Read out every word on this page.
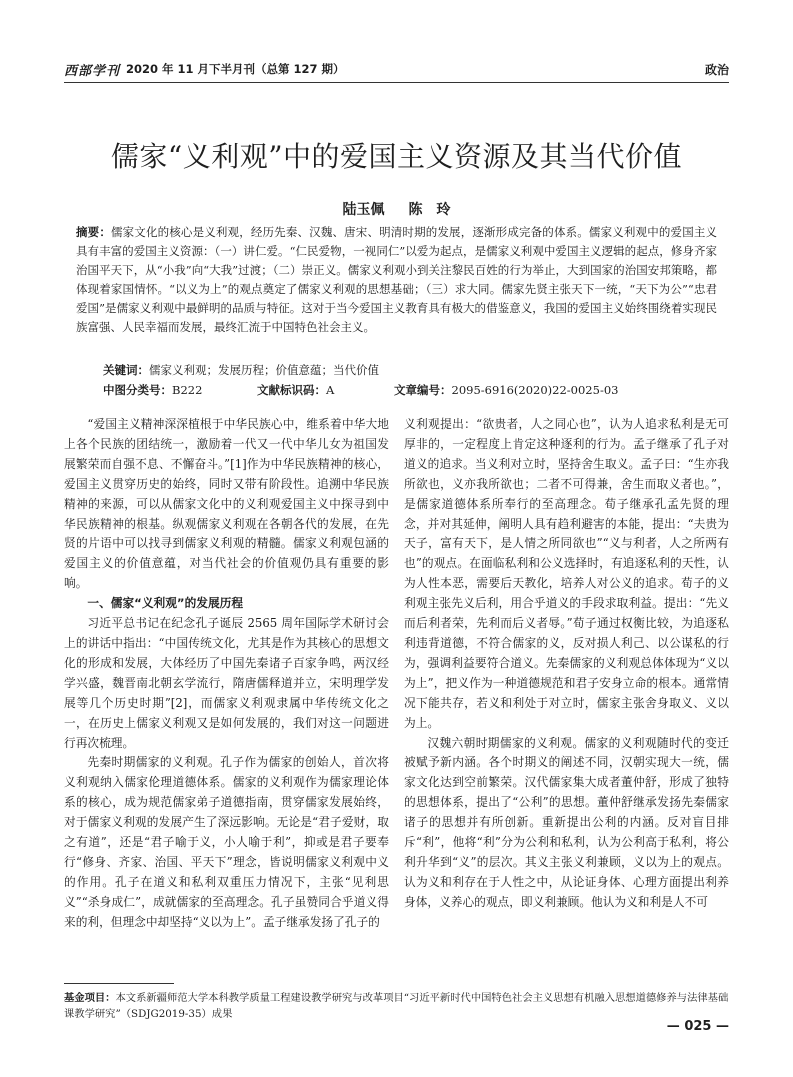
西部学刊 2020 年 11 月下半月刊（总第 127 期）	政治
儒家“义利观”中的爱国主义资源及其当代价值
陆玉佩 陈　玲
摘要：儒家文化的核心是义利观，经历先秦、汉魏、唐宋、明清时期的发展，逐渐形成完备的体系。儒家义利观中的爱国主义具有丰富的爱国主义资源：（一）讲仁爱。“仁民爱物，一视同仁”以爱为起点，是儒家义利观中爱国主义逻辑的起点，修身齐家治国平天下，从“小我”向“大我”过渡；（二）崇正义。儒家义利观小到关注黎民百姓的行为举止，大到国家的治国安邦策略，都体现着家国情怀。“以义为上”的观点奠定了儒家义利观的思想基础；（三）求大同。儒家先贤主张天下一统，“天下为公”“忠君爱国”是儒家义利观中最鲜明的品质与特征。这对于当今爱国主义教育具有极大的借鉴意义，我国的爱国主义始终围绕着实现民族富强、人民幸福而发展，最终汇流于中国特色社会主义。
关键词：儒家义利观；发展历程；价值意蕴；当代价值
中图分类号：B222	文献标识码：A	文章编号：2095-6916(2020)22-0025-03

“爱国主义精神深深植根于中华民族心中，维系着中华大地上各个民族的团结统一，激励着一代又一代中华儿女为祖国发展繁荣而自强不息、不懈奋斗。”[1]作为中华民族精神的核心，爱国主义贯穿历史的始终，同时又带有阶段性。追溯中华民族精神的来源，可以从儒家文化中的义利观爱国主义中探寻到中华民族精神的根基。纵观儒家义利观在各朝各代的发展，在先贤的片语中可以找寻到儒家义利观的精髓。儒家义利观包涵的爱国主义的价值意蕴，对当代社会的价值观仍具有重要的影响。

一、儒家“义利观”的发展历程

习近平总书记在纪念孔子诞辰 2565 周年国际学术研讨会上的讲话中指出：“中国传统文化，尤其是作为其核心的思想文化的形成和发展，大体经历了中国先秦诸子百家争鸣，两汉经学兴盛，魏晋南北朝玄学流行，隋唐儒释道并立，宋明理学发展等几个历史时期”[2]，而儒家义利观隶属中华传统文化之一，在历史上儒家义利观又是如何发展的，我们对这一问题进行再次梳理。

先秦时期儒家的义利观。孔子作为儒家的创始人，首次将义利观纳入儒家伦理道德体系。儒家的义利观作为儒家理论体系的核心，成为规范儒家弟子道德指南，贯穿儒家发展始终，对于儒家义利观的发展产生了深远影响。无论是“君子爱财，取之有道”，还是“君子喻于义，小人喻于利”，抑或是君子要奉行“修身、齐家、治国、平天下”理念，皆说明儒家义利观中义的作用。孔子在道义和私利双重压力情况下，主张“见利思义”“杀身成仁”，成就儒家的至高理念。孔子虽赞同合乎道义得来的利，但理念中却坚持“义以为上”。孟子继承发扬了孔子的

义利观提出：“欲贵者，人之同心也”，认为人追求私利是无可厚非的，一定程度上肯定这种逐利的行为。孟子继承了孔子对道义的追求。当义利对立时，坚持舍生取义。孟子曰：“生亦我所欲也，义亦我所欲也；二者不可得兼，舍生而取义者也。”，是儒家道德体系所奉行的至高理念。荀子继承孔孟先贤的理念，并对其延伸，阐明人具有趋利避害的本能，提出：“夫贵为天子，富有天下，是人情之所同欲也”“义与利者，人之所两有也”的观点。在面临私利和公义选择时，有追逐私利的天性，认为人性本恶，需要后天教化，培养人对公义的追求。荀子的义利观主张先义后利，用合乎道义的手段求取利益。提出：“先义而后利者荣，先利而后义者辱。”荀子通过权衡比较，为追逐私利违背道德，不符合儒家的义，反对损人利己、以公谋私的行为，强调利益要符合道义。先秦儒家的义利观总体体现为“义以为上”，把义作为一种道德规范和君子安身立命的根本。通常情况下能共存，若义和利处于对立时，儒家主张舍身取义、义以为上。

汉魏六朝时期儒家的义利观。儒家的义利观随时代的变迁被赋予新内涵。各个时期义的阐述不同，汉朝实现大一统，儒家文化达到空前繁荣。汉代儒家集大成者董仲舒，形成了独特的思想体系，提出了“公利”的思想。董仲舒继承发扬先秦儒家诸子的思想并有所创新。重新提出公利的内涵。反对盲目排斥“利”，他将“利”分为公利和私利，认为公利高于私利，将公利升华到“义”的层次。其义主张义利兼顾，义以为上的观点。认为义和利存在于人性之中，从论证身体、心理方面提出利养身体，义养心的观点，即义利兼顾。他认为义和利是人不可

基金项目：本文系新疆师范大学本科教学质量工程建设教学研究与改革项目“习近平新时代中国特色社会主义思想有机融入思想道德修养与法律基础课教学研究”（SDJG2019-35）成果
— 025 —
